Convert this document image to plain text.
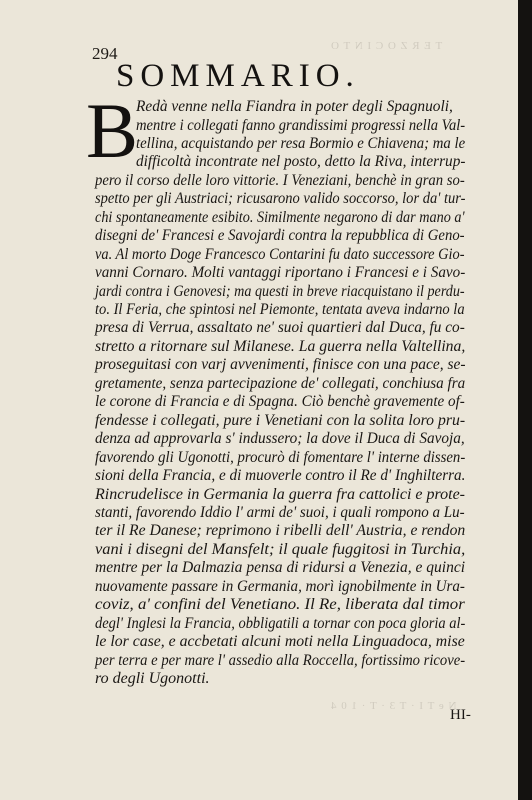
T E R Z O C I N T O
N e T I · T 3 · T · 1 0 4
294
SOMMARIO.
B
Redà venne nella Fiandra in poter degli Spagnuoli,
mentre i collegati fanno grandissimi progressi nella Val-
tellina, acquistando per resa Bormio e Chiavena; ma le
difficoltà incontrate nel posto, detto la Riva, interrup-
pero il corso delle loro vittorie. I Veneziani, benchè in gran so-
spetto per gli Austriaci; ricusarono valido soccorso, lor da' tur-
chi spontaneamente esibito. Similmente negarono di dar mano a'
disegni de' Francesi e Savojardi contra la repubblica di Geno-
va. Al morto Doge Francesco Contarini fu dato successore Gio-
vanni Cornaro. Molti vantaggi riportano i Francesi e i Savo-
jardi contra i Genovesi; ma questi in breve riacquistano il perdu-
to. Il Feria, che spintosi nel Piemonte, tentata aveva indarno la
presa di Verrua, assaltato ne' suoi quartieri dal Duca, fu co-
stretto a ritornare sul Milanese. La guerra nella Valtellina,
proseguitasi con varj avvenimenti, finisce con una pace, se-
gretamente, senza partecipazione de' collegati, conchiusa fra
le corone di Francia e di Spagna. Ciò benchè gravemente of-
fendesse i collegati, pure i Venetiani con la solita loro pru-
denza ad approvarla s' indussero; la dove il Duca di Savoja,
favorendo gli Ugonotti, procurò di fomentare l' interne dissen-
sioni della Francia, e di muoverle contro il Re d' Inghilterra.
Rincrudelisce in Germania la guerra fra cattolici e prote-
stanti, favorendo Iddio l' armi de' suoi, i quali rompono a Lu-
ter il Re Danese; reprimono i ribelli dell' Austria, e rendon
vani i disegni del Mansfelt; il quale fuggitosi in Turchia,
mentre per la Dalmazia pensa di ridursi a Venezia, e quinci
nuovamente passare in Germania, morì ignobilmente in Ura-
coviz, a' confini del Venetiano. Il Re, liberata dal timor
degl' Inglesi la Francia, obbligatili a tornar con poca gloria al-
le lor case, e accbetati alcuni moti nella Linguadoca, mise
per terra e per mare l' assedio alla Roccella, fortissimo ricove-
ro degli Ugonotti.
HI-
